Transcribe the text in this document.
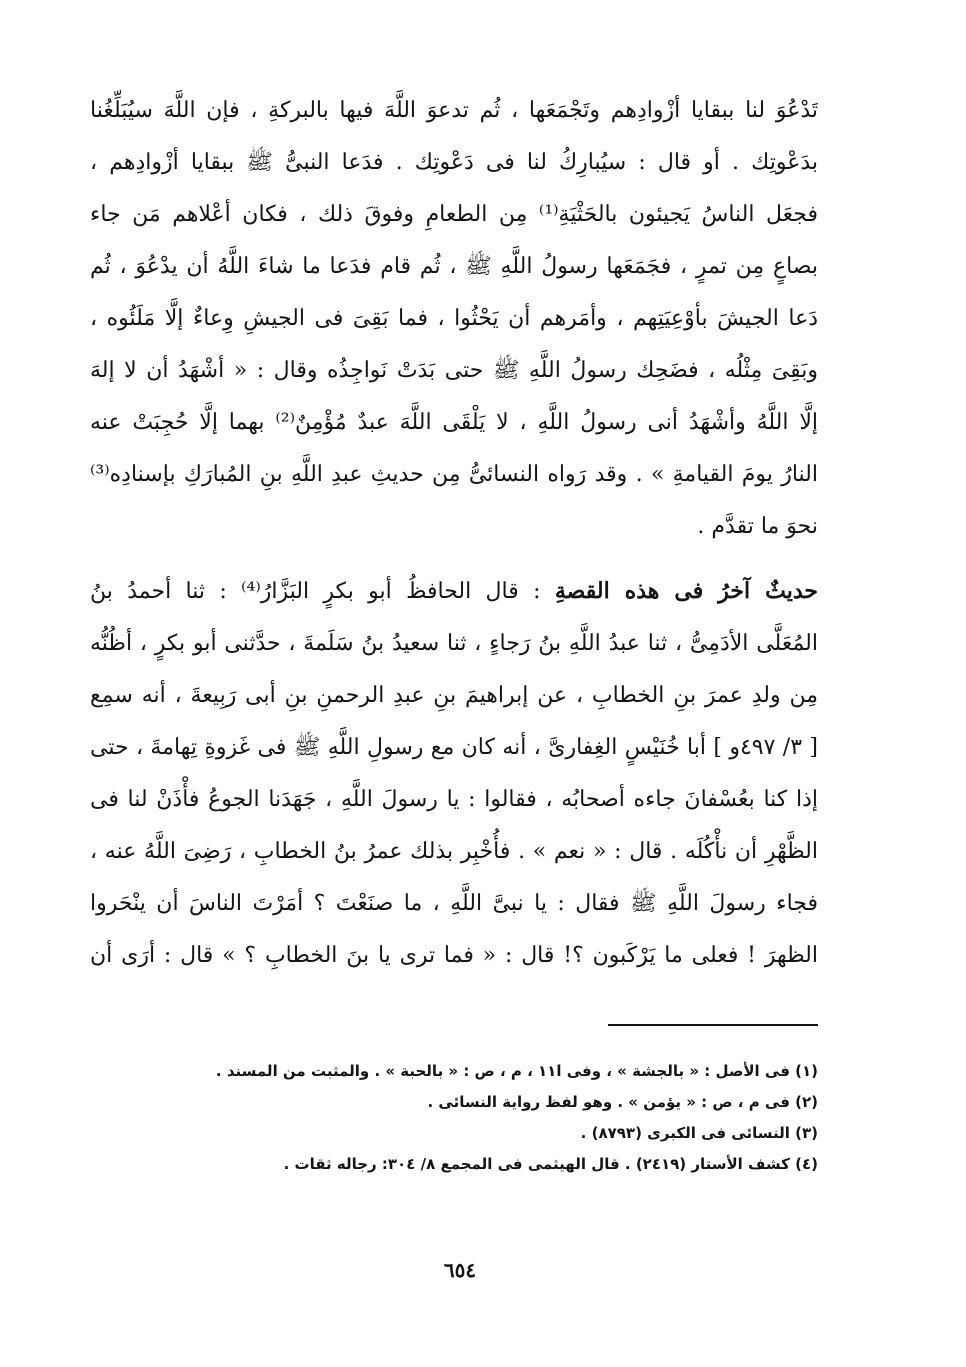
تَدْعُوَ لنا ببقايا أزْوادِهم وتَجْمَعَها ، ثُم تدعوَ اللَّهَ فيها بالبركةِ ، فإن اللَّهَ سيُبَلِّغُنا
بدَعْوتِك . أو قال : سيُبارِكُ لنا فى دَعْوتِك . فدَعا النبىُّ ﷺ ببقايا أزْوادِهم ،
فجعَل الناسُ يَجيئون بالحَثْيَةِ⁽¹⁾ مِن الطعامِ وفوقَ ذلك ، فكان أعْلاهم مَن جاء
بصاعٍ مِن تمرٍ ، فجَمَعَها رسولُ اللَّهِ ﷺ ، ثُم قام فدَعا ما شاءَ اللَّهُ أن يدْعُوَ ، ثُم
دَعا الجيشَ بأوْعِيَتِهم ، وأمَرهم أن يَحْثُوا ، فما بَقِىَ فى الجيشِ وِعاءٌ إلَّا مَلَئُوه ،
وبَقِىَ مِثْلُه ، فضَحِك رسولُ اللَّهِ ﷺ حتى بَدَتْ نَواجِذُه وقال : « أشْهَدُ أن لا إلهَ
إلَّا اللَّهُ وأشْهَدُ أنى رسولُ اللَّهِ ، لا يَلْقَى اللَّهَ عبدٌ مُؤْمِنٌ⁽²⁾ بهما إلَّا حُجِبَتْ عنه
النارُ يومَ القيامةِ » . وقد رَواه النسائىُّ مِن حديثِ عبدِ اللَّهِ بنِ المُبارَكِ بإسنادِه⁽³⁾
نحوَ ما تقدَّم .
حديثٌ آخرُ فى هذه القصةِ : قال الحافظُ أبو بكرٍ البَزَّارُ⁽⁴⁾ : ثنا أحمدُ بنُ
المُعَلَّى الأدَمِىُّ ، ثنا عبدُ اللَّهِ بنُ رَجاءٍ ، ثنا سعيدُ بنُ سَلَمةَ ، حدَّثنى أبو بكرٍ ، أظُنُّه
مِن ولدِ عمرَ بنِ الخطابِ ، عن إبراهيمَ بنِ عبدِ الرحمنِ بنِ أبى رَبِيعةَ ، أنه سمِع
[ ٣/ ٤٩٧و ] أبا خُنَيْسٍ الغِفارىَّ ، أنه كان مع رسولِ اللَّهِ ﷺ فى غَزوةِ تِهامةَ ، حتى
إذا كنا بعُسْفانَ جاءه أصحابُه ، فقالوا : يا رسولَ اللَّهِ ، جَهَدَنا الجوعُ فأْذَنْ لنا فى
الظَّهْرِ أن نأْكُلَه . قال : « نعم » . فأُخْبِر بذلك عمرُ بنُ الخطابِ ، رَضِىَ اللَّهُ عنه ،
فجاء رسولَ اللَّهِ ﷺ فقال : يا نبىَّ اللَّهِ ، ما صنَعْتَ ؟ أمَرْتَ الناسَ أن ينْحَروا
الظهرَ ! فعلى ما يَرْكَبون ؟! قال : « فما ترى يا بنَ الخطابِ ؟ » قال : أرَى أن
(١) فى الأصل : « بالجشة » ، وفى ا١١ ، م ، ص : « بالحبة » . والمثبت من المسند .
(٢) فى م ، ص : « يؤمن » . وهو لفظ رواية النسائى .
(٣) النسائى فى الكبرى (٨٧٩٣) .
(٤) كشف الأستار (٢٤١٩) . قال الهيثمى فى المجمع ٨/ ٣٠٤: رجاله ثقات .
٦٥٤
